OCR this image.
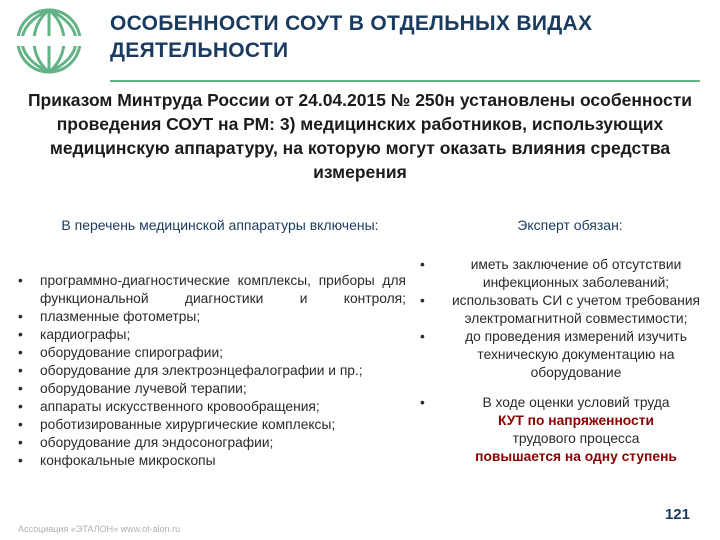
ОСОБЕННОСТИ СОУТ В ОТДЕЛЬНЫХ ВИДАХ ДЕЯТЕЛЬНОСТИ
Приказом Минтруда России от 24.04.2015 № 250н установлены особенности проведения СОУТ на РМ: 3) медицинских работников, использующих медицинскую аппаратуру, на которую могут оказать влияния средства измерения
В перечень медицинской аппаратуры включены:	Эксперт обязан:
• программно-диагностические комплексы, приборы для функциональной диагностики и контроля;
• плазменные фотометры;
• кардиографы;
• оборудование спирографии;
• оборудование для электроэнцефалографии и пр.;
• оборудование лучевой терапии;
• аппараты искусственного кровообращения;
• роботизированные хирургические комплексы;
• оборудование для эндосонографии;
• конфокальные микроскопы
• иметь заключение об отсутствии инфекционных заболеваний;
• использовать СИ с учетом требования электромагнитной совместимости;
• до проведения измерений изучить техническую документацию на оборудование
• В ходе оценки условий труда
КУТ по напряженности
трудового процесса
повышается на одну ступень
Ассоциация «ЭТАЛОН» www.ot-alon.ru
121
